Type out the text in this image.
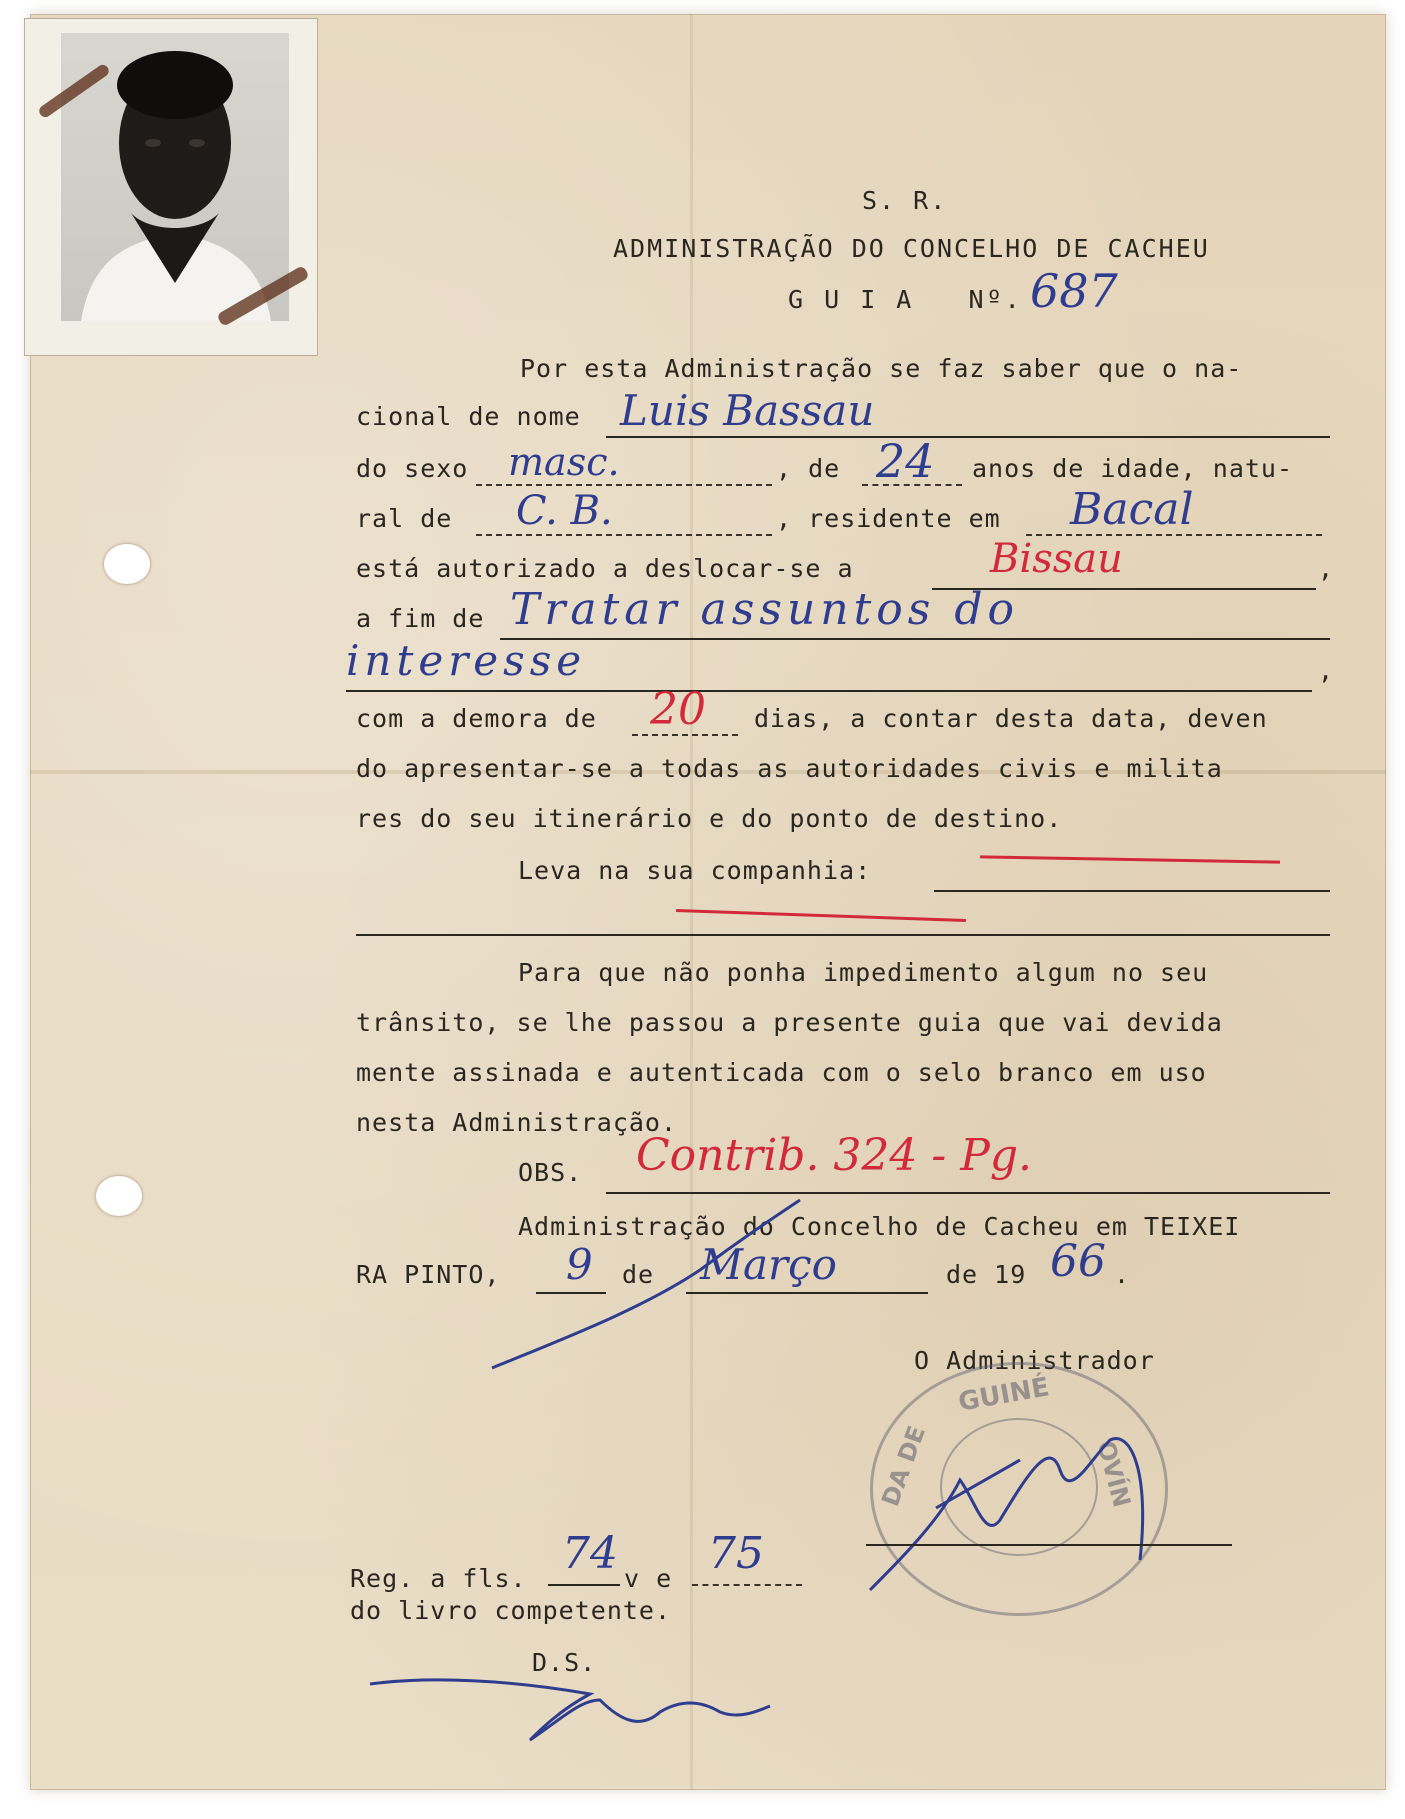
S. R.
ADMINISTRAÇÃO DO CONCELHO DE CACHEU
G U I A   Nº. 687
Por esta Administração se faz saber que o na-
cional de nome Luis Bassau
do sexo masc.	, de 24 anos de idade, natu-
ral de C. B.	, residente em Bacal
está autorizado a deslocar-se a	Bissau	,
a fim de Tratar assuntos do
interesse	,
com a demora de 20 dias, a contar desta data, deven
do apresentar-se a todas as autoridades civis e milita
res do seu itinerário e do ponto de destino.
Leva na sua companhia:
Para que não ponha impedimento algum no seu
trânsito, se lhe passou a presente guia que vai devida
mente assinada e autenticada com o selo branco em uso
nesta Administração.
OBS. Contrib. 324 - Pg.
Administração do Concelho de Cacheu em TEIXEI
RA PINTO, 9 de Março	de 19 66 .
O Administrador
GUINÉ
DA DE	OVÍN
Reg. a fls. 74 v e 75
do livro competente.
D.S.
